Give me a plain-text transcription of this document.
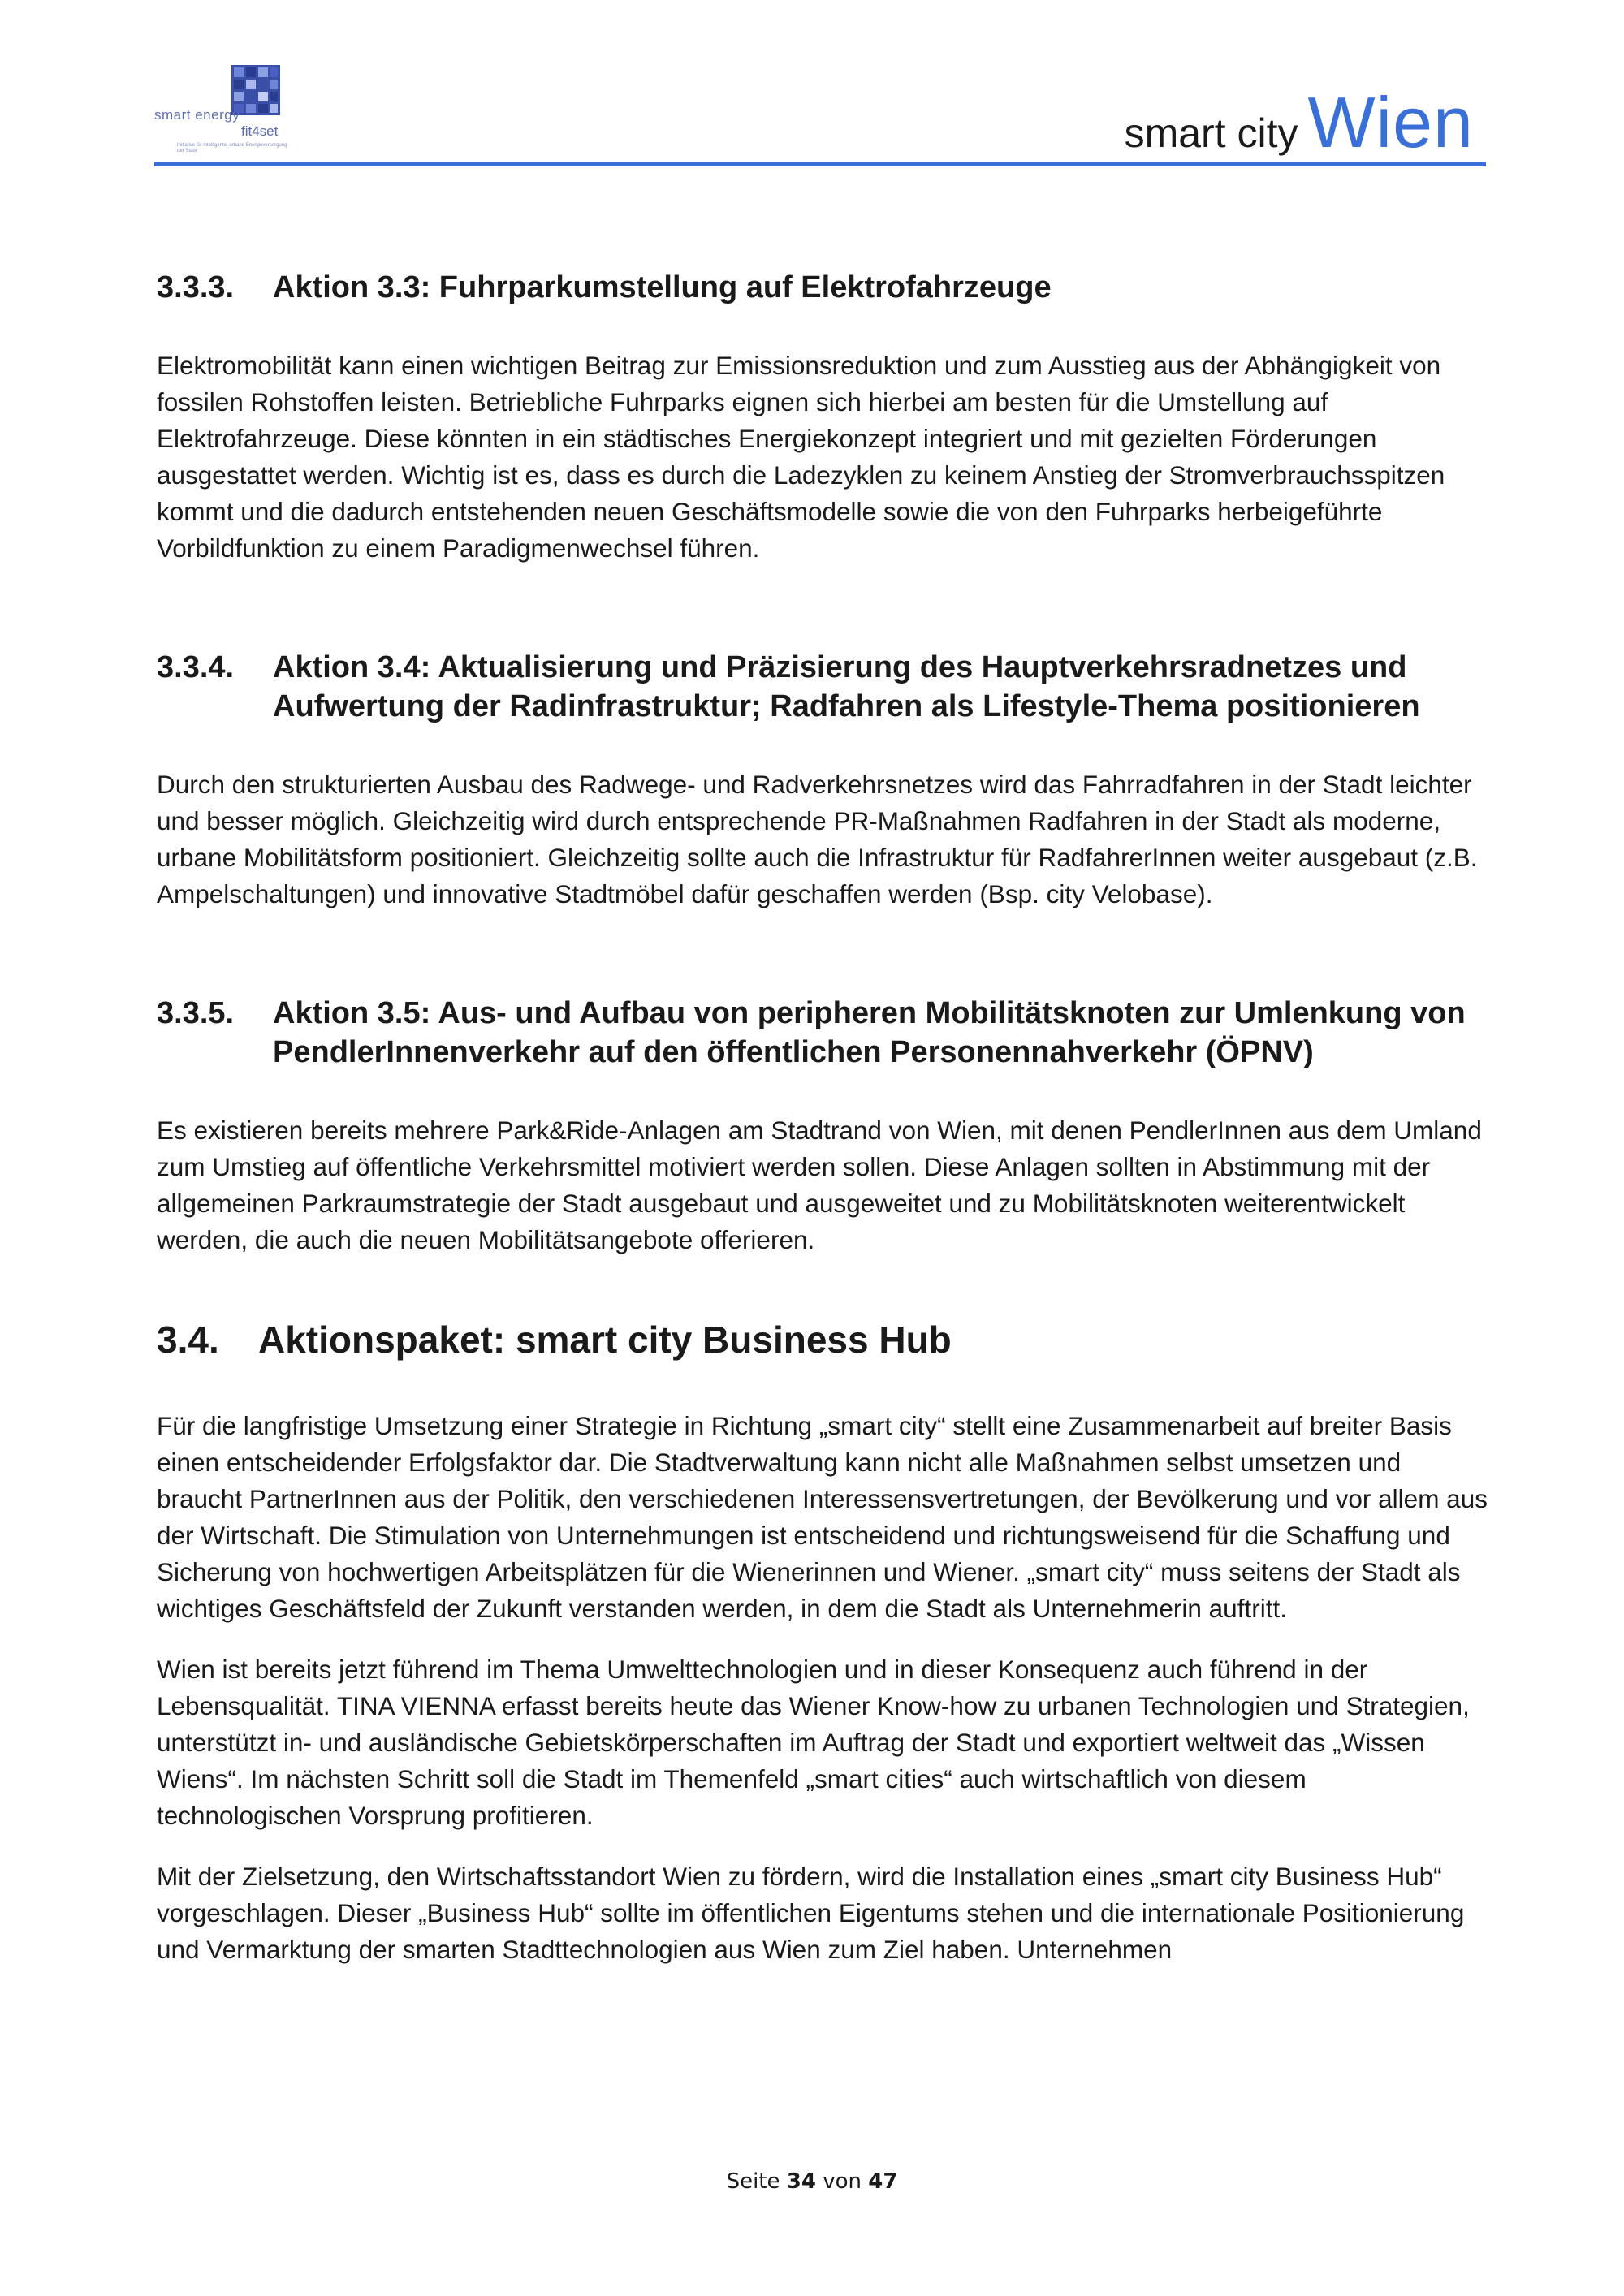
smart energy
fit4set
Initiative für intelligente, urbane Energieversorgung der Stadt	smart city Wien
3.3.3.	Aktion 3.3: Fuhrparkumstellung auf Elektrofahrzeuge

Elektromobilität kann einen wichtigen Beitrag zur Emissionsreduktion und zum Ausstieg aus der Abhängigkeit von fossilen Rohstoffen leisten. Betriebliche Fuhrparks eignen sich hierbei am besten für die Umstellung auf Elektrofahrzeuge. Diese könnten in ein städtisches Energiekonzept integriert und mit gezielten Förderungen ausgestattet werden. Wichtig ist es, dass es durch die Ladezyklen zu keinem Anstieg der Stromverbrauchsspitzen kommt und die dadurch entstehenden neuen Geschäftsmodelle sowie die von den Fuhrparks herbeigeführte Vorbildfunktion zu einem Paradigmenwechsel führen.

3.3.4.	Aktion 3.4: Aktualisierung und Präzisierung des Hauptverkehrsradnetzes und Aufwertung der Radinfrastruktur; Radfahren als Lifestyle-Thema positionieren

Durch den strukturierten Ausbau des Radwege- und Radverkehrsnetzes wird das Fahrradfahren in der Stadt leichter und besser möglich. Gleichzeitig wird durch entsprechende PR-Maßnahmen Radfahren in der Stadt als moderne, urbane Mobilitätsform positioniert. Gleichzeitig sollte auch die Infrastruktur für RadfahrerInnen weiter ausgebaut (z.B. Ampelschaltungen) und innovative Stadtmöbel dafür geschaffen werden (Bsp. city Velobase).

3.3.5.	Aktion 3.5: Aus- und Aufbau von peripheren Mobilitätsknoten zur Umlenkung von PendlerInnenverkehr auf den öffentlichen Personennahverkehr (ÖPNV)

Es existieren bereits mehrere Park&Ride-Anlagen am Stadtrand von Wien, mit denen PendlerInnen aus dem Umland zum Umstieg auf öffentliche Verkehrsmittel motiviert werden sollen. Diese Anlagen sollten in Abstimmung mit der allgemeinen Parkraumstrategie der Stadt ausgebaut und ausgeweitet und zu Mobilitätsknoten weiterentwickelt werden, die auch die neuen Mobilitätsangebote offerieren.

3.4.	Aktionspaket: smart city Business Hub

Für die langfristige Umsetzung einer Strategie in Richtung „smart city“ stellt eine Zusammenarbeit auf breiter Basis einen entscheidender Erfolgsfaktor dar. Die Stadtverwaltung kann nicht alle Maßnahmen selbst umsetzen und braucht PartnerInnen aus der Politik, den verschiedenen Interessensvertretungen, der Bevölkerung und vor allem aus der Wirtschaft. Die Stimulation von Unternehmungen ist entscheidend und richtungsweisend für die Schaffung und Sicherung von hochwertigen Arbeitsplätzen für die Wienerinnen und Wiener. „smart city“ muss seitens der Stadt als wichtiges Geschäftsfeld der Zukunft verstanden werden, in dem die Stadt als Unternehmerin auftritt.

Wien ist bereits jetzt führend im Thema Umwelttechnologien und in dieser Konsequenz auch führend in der Lebensqualität. TINA VIENNA erfasst bereits heute das Wiener Know-how zu urbanen Technologien und Strategien, unterstützt in- und ausländische Gebietskörperschaften im Auftrag der Stadt und exportiert weltweit das „Wissen Wiens“. Im nächsten Schritt soll die Stadt im Themenfeld „smart cities“ auch wirtschaftlich von diesem technologischen Vorsprung profitieren.

Mit der Zielsetzung, den Wirtschaftsstandort Wien zu fördern, wird die Installation eines „smart city Business Hub“ vorgeschlagen. Dieser „Business Hub“ sollte im öffentlichen Eigentums stehen und die internationale Positionierung und Vermarktung der smarten Stadttechnologien aus Wien zum Ziel haben. Unternehmen

Seite 34 von 47
